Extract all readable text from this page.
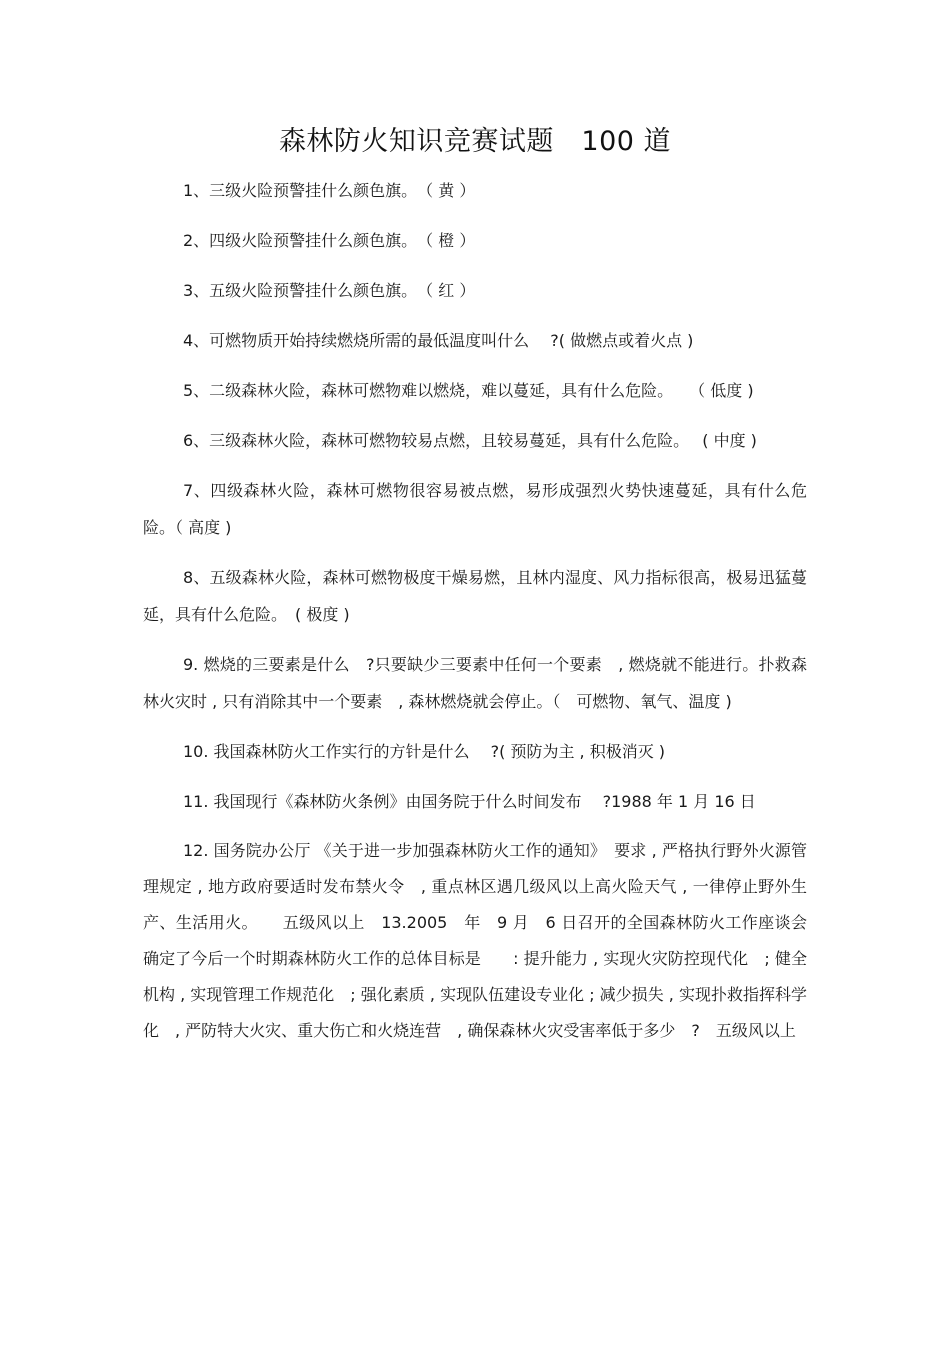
森林防火知识竞赛试题　100 道

1、三级火险预警挂什么颜色旗。　（ 黄 ）

2、四级火险预警挂什么颜色旗。　（ 橙 ）

3、五级火险预警挂什么颜色旗。　（ 红 ）

4、可燃物质开始持续燃烧所需的最低温度叫什么　 ?( 做燃点或着火点 )

5、二级森林火险，森林可燃物难以燃烧，难以蔓延，具有什么危险。　　（ 低度 )

6、三级森林火险，森林可燃物较易点燃，且较易蔓延，具有什么危险。　 ( 中度 )

7、四级森林火险，森林可燃物很容易被点燃，易形成强烈火势快速蔓延，具有什么危险。（ 高度 )

8、五级森林火险，森林可燃物极度干燥易燃，且林内湿度、风力指标很高，极易迅猛蔓延，具有什么危险。　( 极度 )

9. 燃烧的三要素是什么　?只要缺少三要素中任何一个要素　, 燃烧就不能进行。扑救森林火灾时 , 只有消除其中一个要素　, 森林燃烧就会停止。（　可燃物、氧气、温度 )

10. 我国森林防火工作实行的方针是什么　 ?( 预防为主 , 积极消灭 )

11. 我国现行《森林防火条例》由国务院于什么时间发布　 ?1988 年 1 月 16 日

12. 国务院办公厅 《关于进一步加强森林防火工作的通知》　要求 , 严格执行野外火源管理规定 , 地方政府要适时发布禁火令　, 重点林区遇几级风以上高火险天气 , 一律停止野外生产、生活用火。　　五级风以上　13.2005　年　9 月　6 日召开的全国森林防火工作座谈会确定了今后一个时期森林防火工作的总体目标是　　: 提升能力 , 实现火灾防控现代化　; 健全机构 , 实现管理工作规范化　; 强化素质 , 实现队伍建设专业化 ; 减少损失 , 实现扑救指挥科学化　, 严防特大火灾、重大伤亡和火烧连营　, 确保森林火灾受害率低于多少　?　五级风以上
